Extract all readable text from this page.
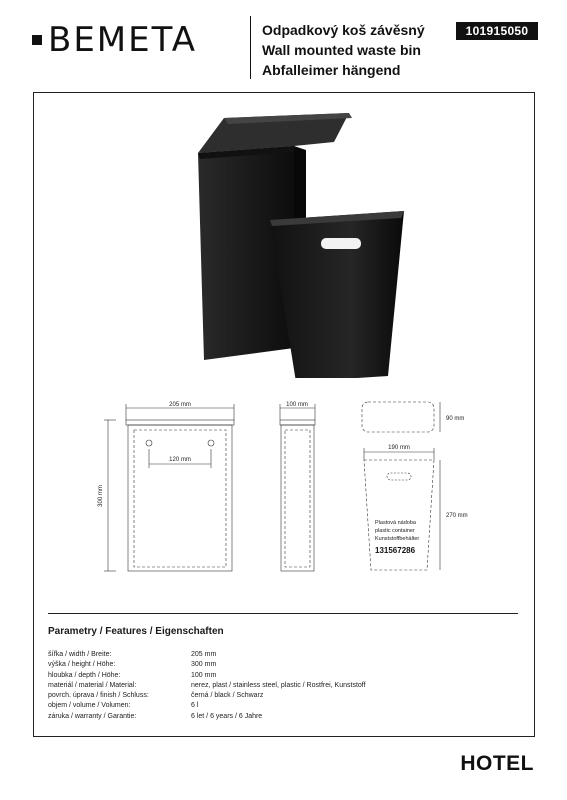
BEMETA	Odpadkový koš závěsný
Wall mounted waste bin
Abfalleimer hängend
101915050
205 mm
120 mm
300 mm
100 mm
90 mm
190 mm
270 mm
Plastová nádoba
plastic container
Kunststoffbehälter
131567286
Parametry / Features / Eigenschaften
šířka / width / Breite:	205 mm
výška / height / Höhe:	300 mm
hloubka / depth / Höhe:	100 mm
materiál / material / Material:	nerez, plast / stainless steel, plastic / Rostfrei, Kunststoff
povrch. úprava / finish / Schluss:	černá / black / Schwarz
objem / volume / Volumen:	6 l
záruka / warranty / Garantie:	6 let / 6 years / 6 Jahre
HOTEL
